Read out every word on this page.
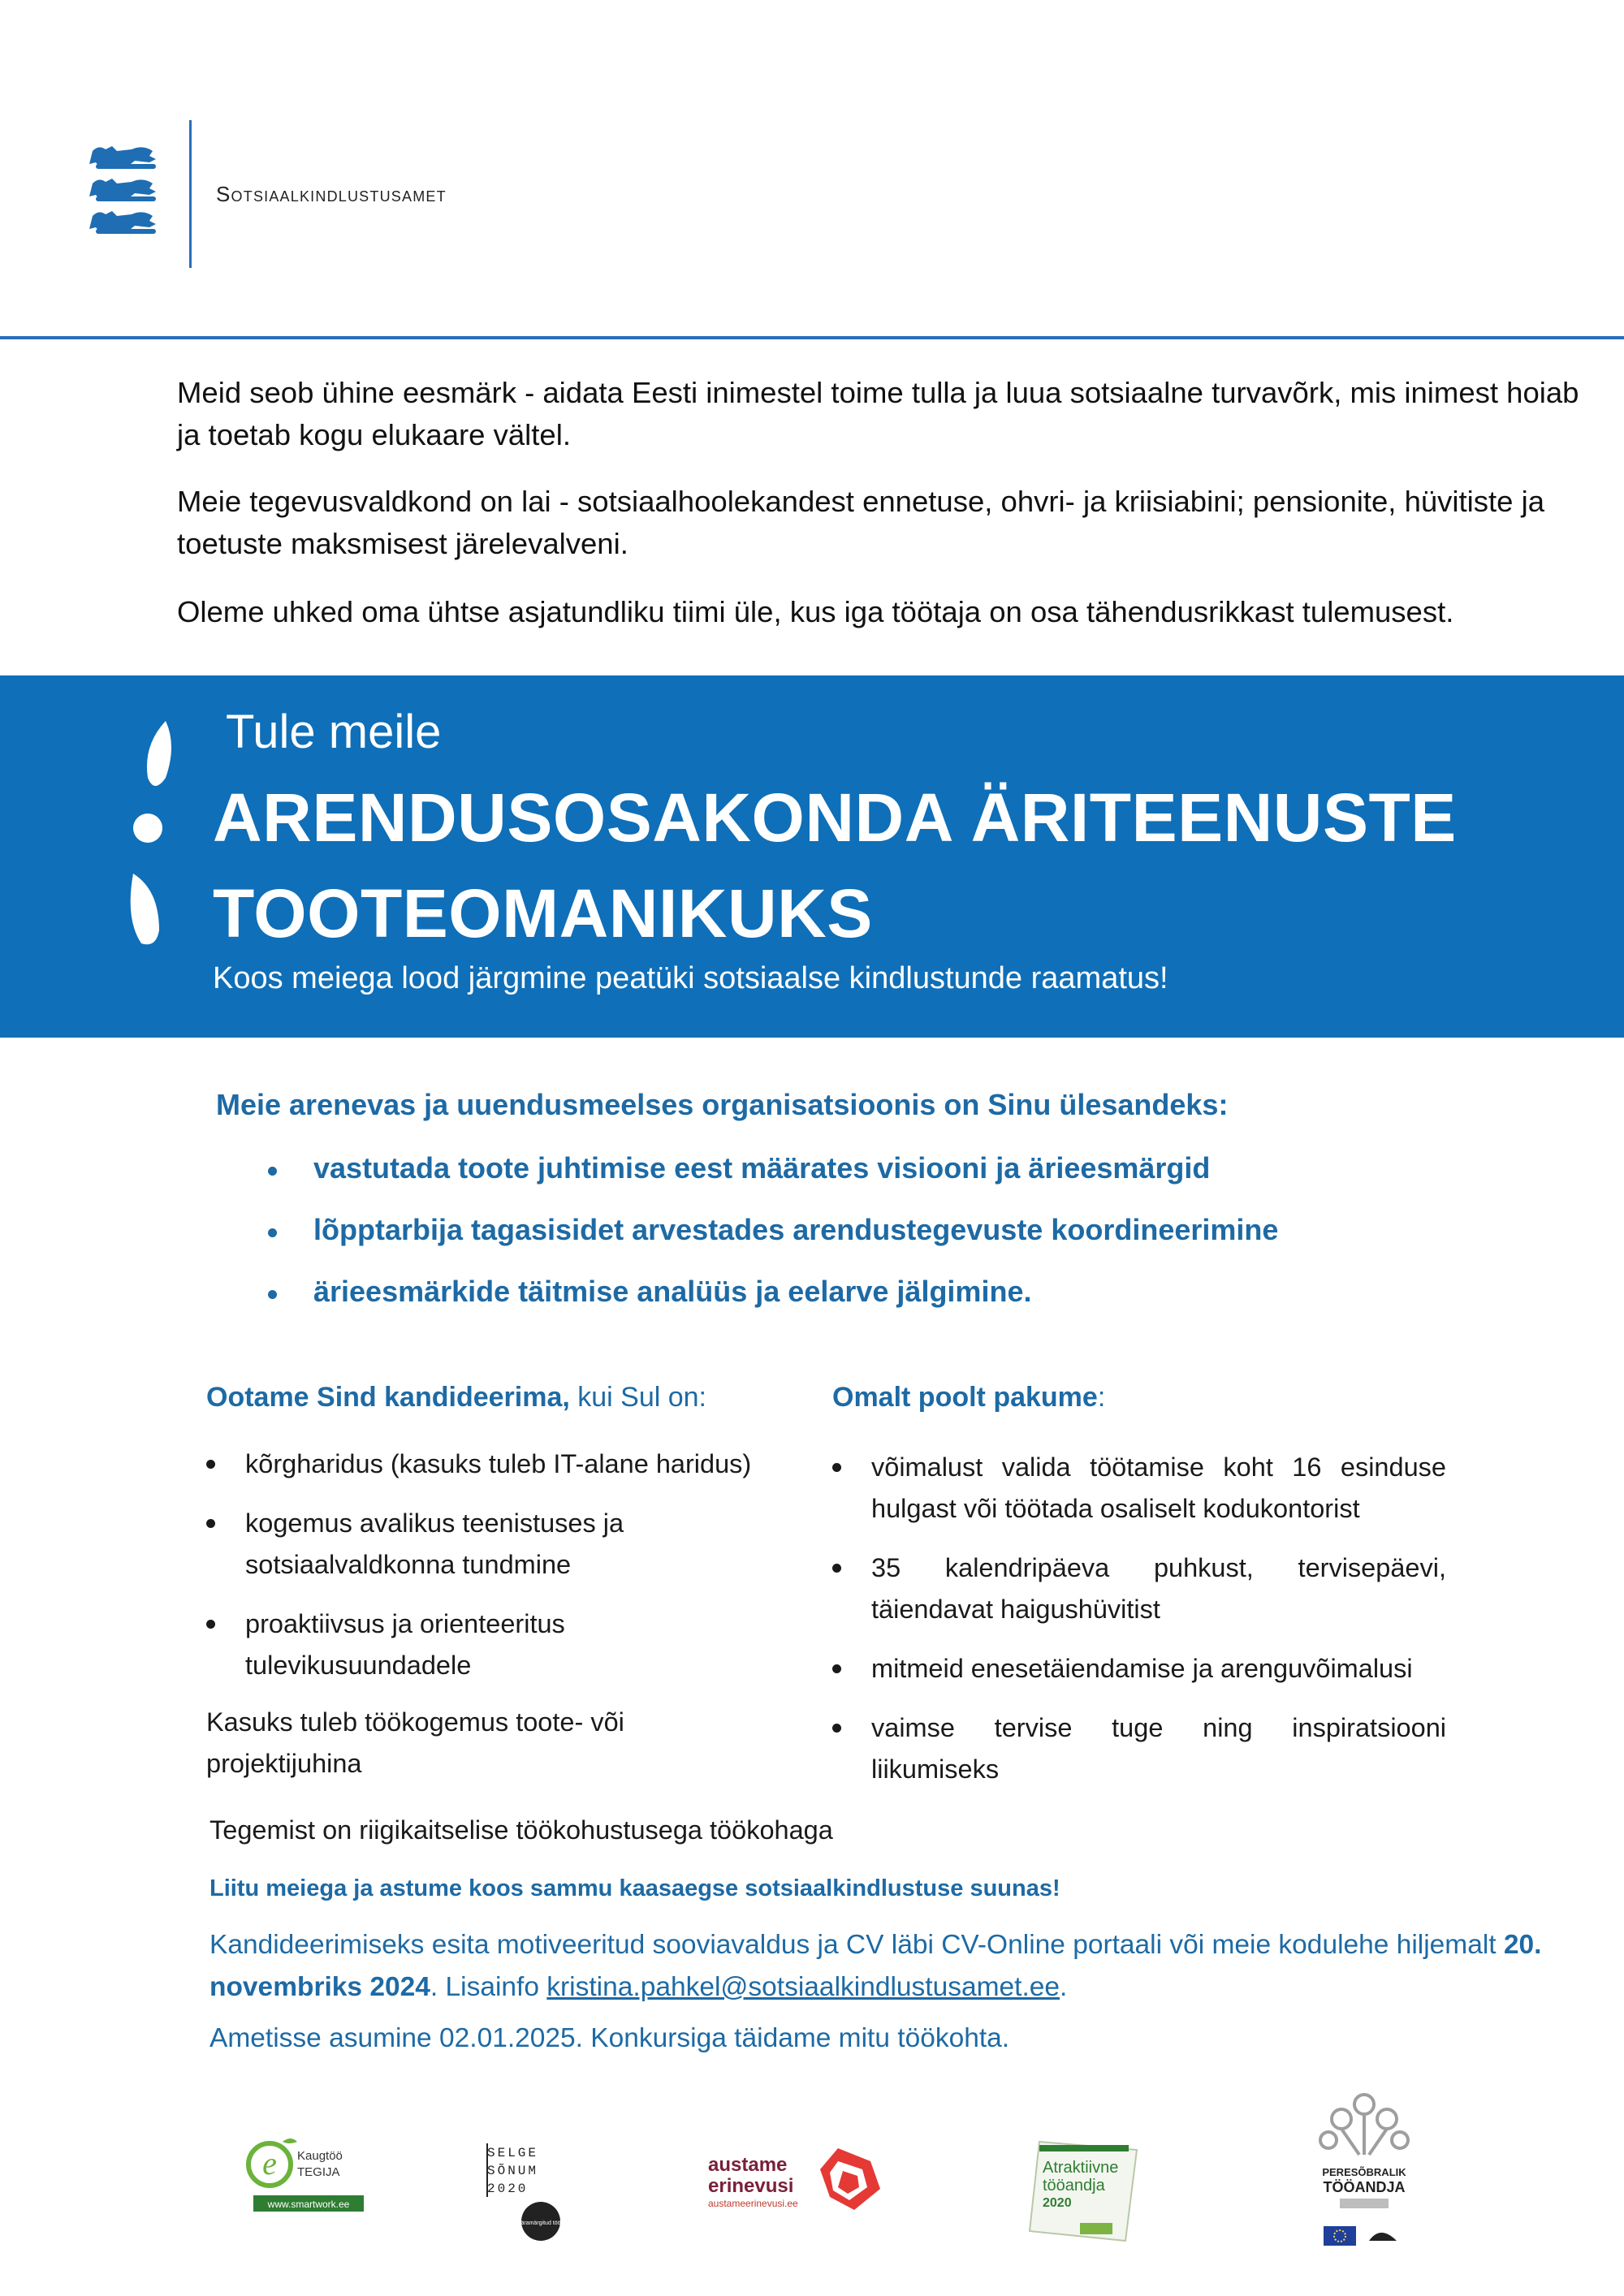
Sotsiaalkindlustusamet

Meid seob ühine eesmärk - aidata Eesti inimestel toime tulla ja luua sotsiaalne turvavõrk, mis inimest hoiab ja toetab kogu elukaare vältel.

Meie tegevusvaldkond on lai - sotsiaalhoolekandest ennetuse, ohvri- ja kriisiabini; pensionite, hüvitiste ja toetuste maksmisest järelevalveni.

Oleme uhked oma ühtse asjatundliku tiimi üle, kus iga töötaja on osa tähendusrikkast tulemusest.

Tule meile
ARENDUSOSAKONDA ÄRITEENUSTE
TOOTEOMANIKUKS
Koos meiega lood järgmine peatüki sotsiaalse kindlustunde raamatus!
Meie arenevas ja uuendusmeelses organisatsioonis on Sinu ülesandeks:
vastutada toote juhtimise eest määrates visiooni ja ärieesmärgid
lõpptarbija tagasisidet arvestades arendustegevuste koordineerimine
ärieesmärkide täitmise analüüs ja eelarve jälgimine.
Ootame Sind kandideerima, kui Sul on:
kõrgharidus (kasuks tuleb IT-alane haridus)
kogemus avalikus teenistuses ja sotsiaalvaldkonna tundmine
proaktiivsus ja orienteeritus tulevikusuundadele
Kasuks tuleb töökogemus toote- või projektijuhina
Omalt poolt pakume:
võimalust valida töötamise koht 16 esinduse hulgast või töötada osaliselt kodukontorist
35 kalendripäeva puhkust, tervisepäevi, täiendavat haigushüvitist
mitmeid enesetäiendamise ja arenguvõimalusi
vaimse tervise tuge ning inspiratsiooni liikumiseks
Tegemist on riigikaitselise töökohustusega töökohaga
Liitu meiega ja astume koos sammu kaasaegse sotsiaalkindlustuse suunas!
Kandideerimiseks esita motiveeritud sooviavaldus ja CV läbi CV-Online portaali või meie kodulehe hiljemalt 20. novembriks 2024. Lisainfo kristina.pahkel@sotsiaalkindlustusamet.ee.
Ametisse asumine 02.01.2025. Konkursiga täidame mitu töökohta.
e Kaugtöö
TEGIJA
www.smartwork.ee
SELGE
SÕNUM
2020
äramärgitud töö
austame
erinevusi
austameerinevusi.ee
Atraktiivne
tööandja
2020
PERESÕBRALIK
TÖÖANDJA
